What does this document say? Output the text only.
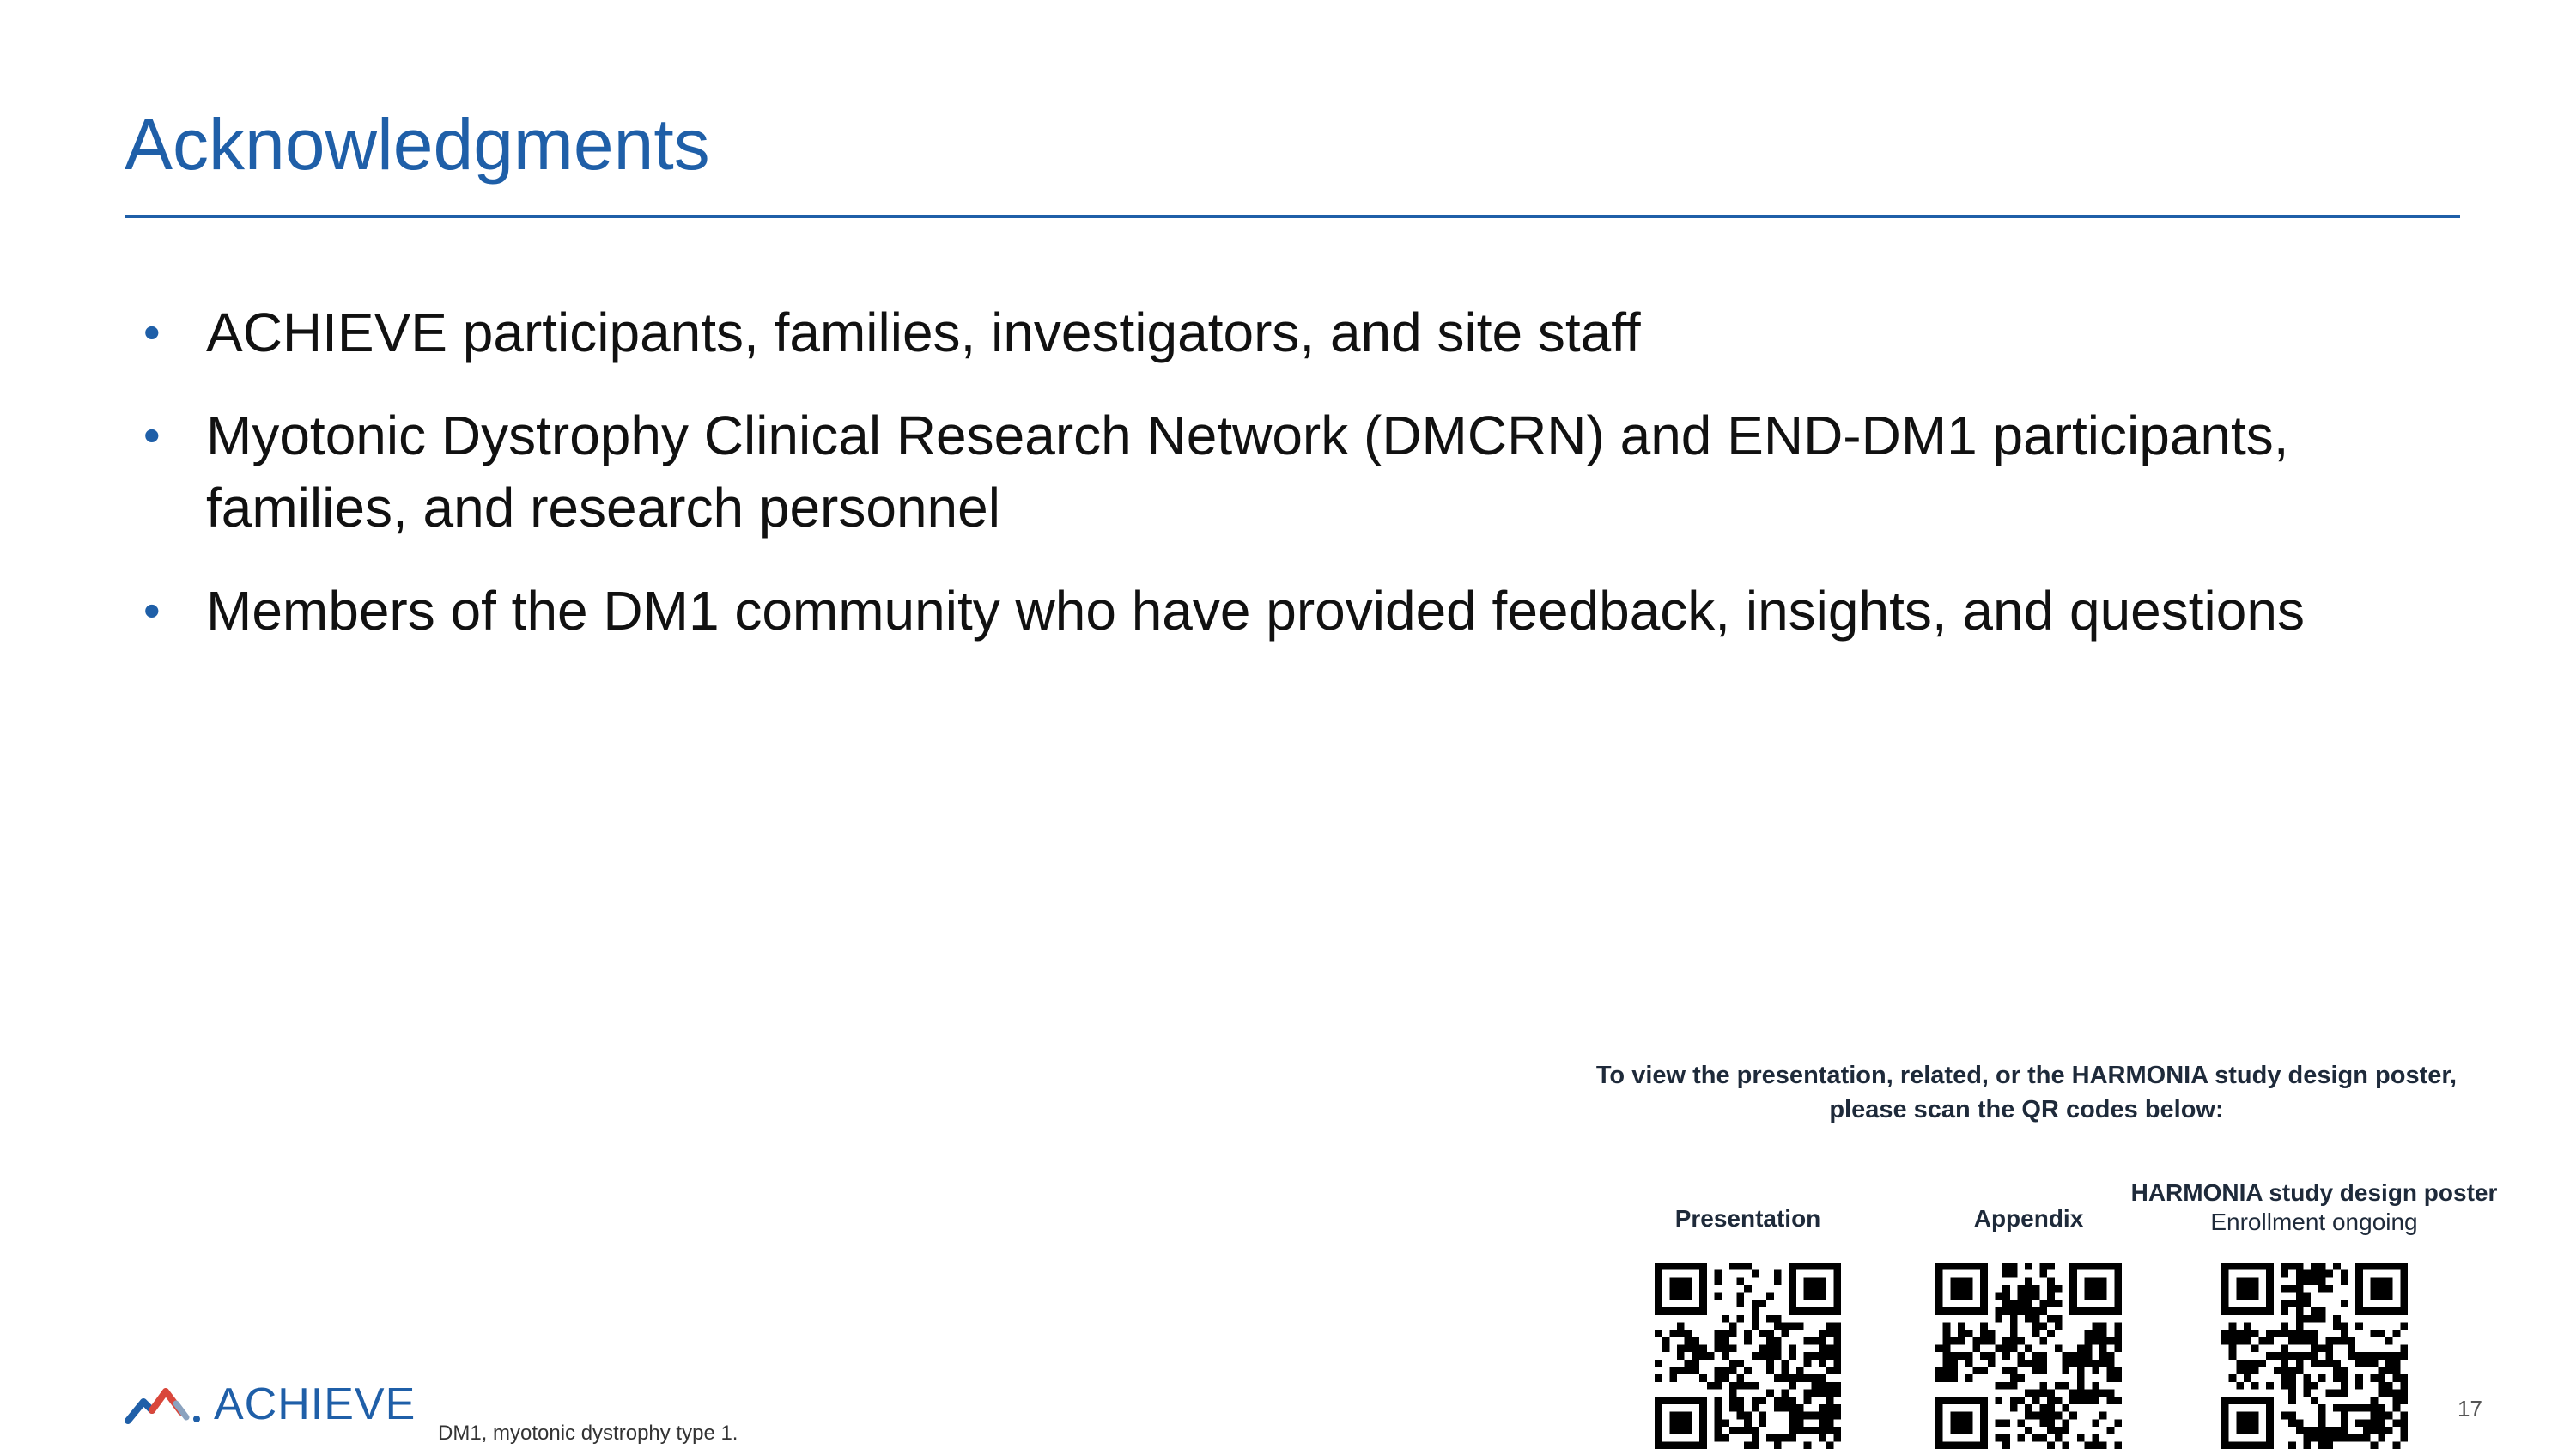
Acknowledgments
• ACHIEVE participants, families, investigators, and site staff
• Myotonic Dystrophy Clinical Research Network (DMCRN) and END-DM1 participants, families, and research personnel
• Members of the DM1 community who have provided feedback, insights, and questions
To view the presentation, related, or the HARMONIA study design poster,
please scan the QR codes below:
Presentation	Appendix
HARMONIA study design poster
Enrollment ongoing
ACHIEVE
DM1, myotonic dystrophy type 1.
17
